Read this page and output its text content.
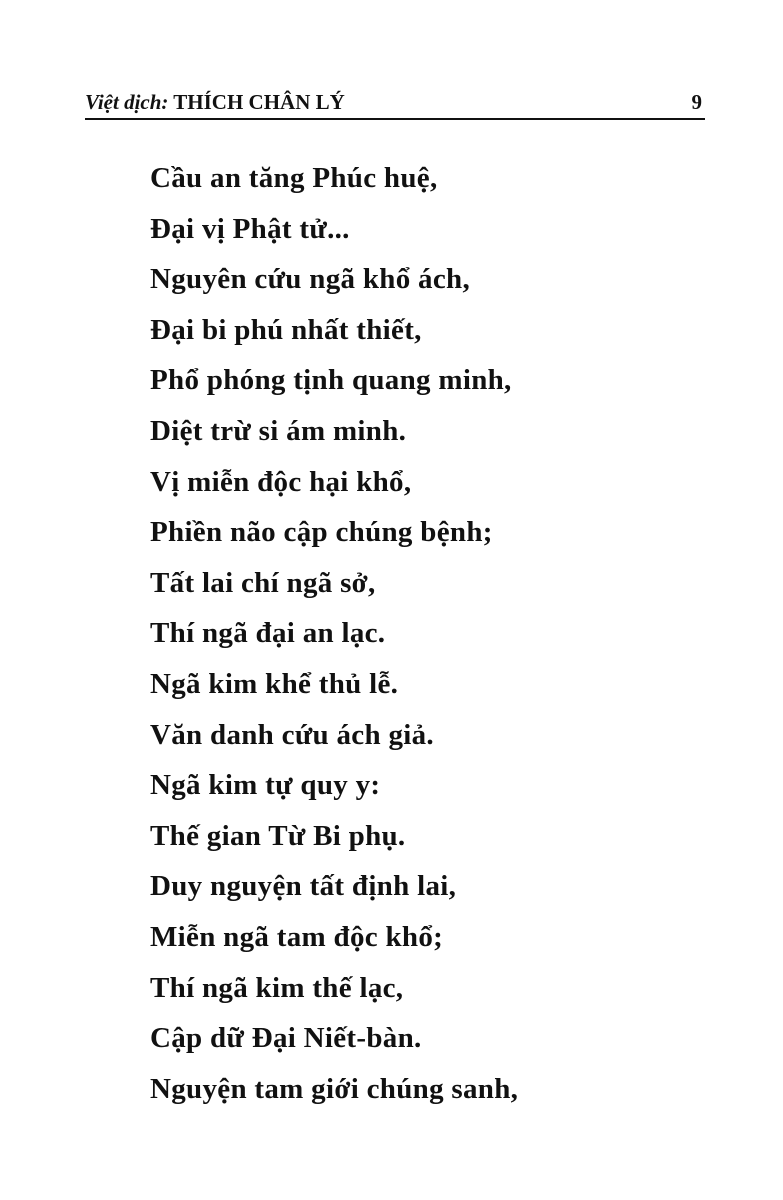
Việt dịch: THÍCH CHÂN LÝ	9
Cầu an tăng Phúc huệ,
Đại vị Phật tử...
Nguyên cứu ngã khổ ách,
Đại bi phú nhất thiết,
Phổ phóng tịnh quang minh,
Diệt trừ si ám minh.
Vị miễn độc hại khổ,
Phiền não cập chúng bệnh;
Tất lai chí ngã sở,
Thí ngã đại an lạc.
Ngã kim khể thủ lễ.
Văn danh cứu ách giả.
Ngã kim tự quy y:
Thế gian Từ Bi phụ.
Duy nguyện tất định lai,
Miễn ngã tam độc khổ;
Thí ngã kim thế lạc,
Cập dữ Đại Niết-bàn.
Nguyện tam giới chúng sanh,
